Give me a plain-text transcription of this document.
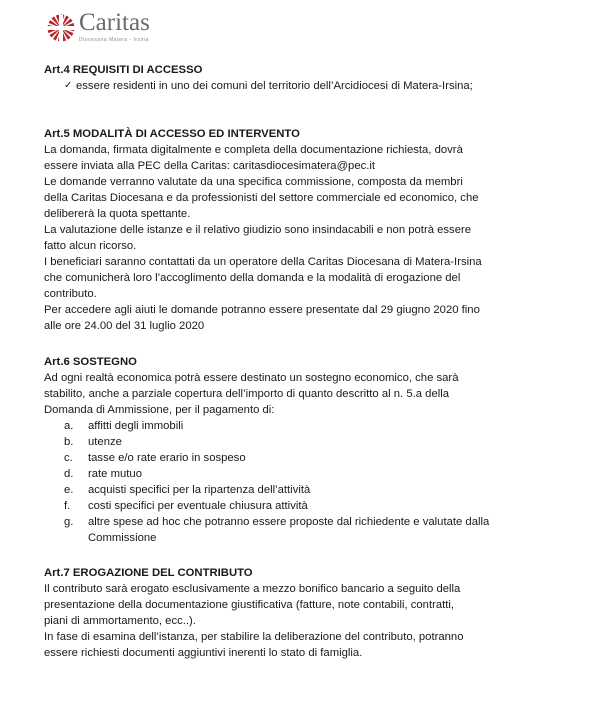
Caritas
Diocesana Matera - Irsina
Art.4 REQUISITI DI ACCESSO
✓ essere residenti in uno dei comuni del territorio dell’Arcidiocesi di Matera-Irsina;
Art.5 MODALITÀ DI ACCESSO ED INTERVENTO

La domanda, firmata digitalmente e completa della documentazione richiesta, dovrà

essere inviata alla PEC della Caritas: caritasdiocesimatera@pec.it

Le domande verranno valutate da una specifica commissione, composta da membri

della Caritas Diocesana e da professionisti del settore commerciale ed economico, che

delibererà la quota spettante.

La valutazione delle istanze e il relativo giudizio sono insindacabili e non potrà essere

fatto alcun ricorso.

I beneficiari saranno contattati da un operatore della Caritas Diocesana di Matera-Irsina

che comunicherà loro l’accoglimento della domanda e la modalità di erogazione del

contributo.

Per accedere agli aiuti le domande potranno essere presentate dal 29 giugno 2020 fino

alle ore 24.00 del 31 luglio 2020

Art.6 SOSTEGNO

Ad ogni realtà economica potrà essere destinato un sostegno economico, che sarà

stabilito, anche a parziale copertura dell’importo di quanto descritto al n. 5.a della

Domanda di Ammissione, per il pagamento di:

a.	affitti degli immobili
b.	utenze
c.	tasse e/o rate erario in sospeso
d.	rate mutuo
e.	acquisti specifici per la ripartenza dell’attività
f.	costi specifici per eventuale chiusura attività
g.	altre spese ad hoc che potranno essere proposte dal richiedente e valutate dalla
Commissione
Art.7 EROGAZIONE DEL CONTRIBUTO

Il contributo sarà erogato esclusivamente a mezzo bonifico bancario a seguito della

presentazione della documentazione giustificativa (fatture, note contabili, contratti,

piani di ammortamento, ecc..).

In fase di esamina dell’istanza, per stabilire la deliberazione del contributo, potranno

essere richiesti documenti aggiuntivi inerenti lo stato di famiglia.
